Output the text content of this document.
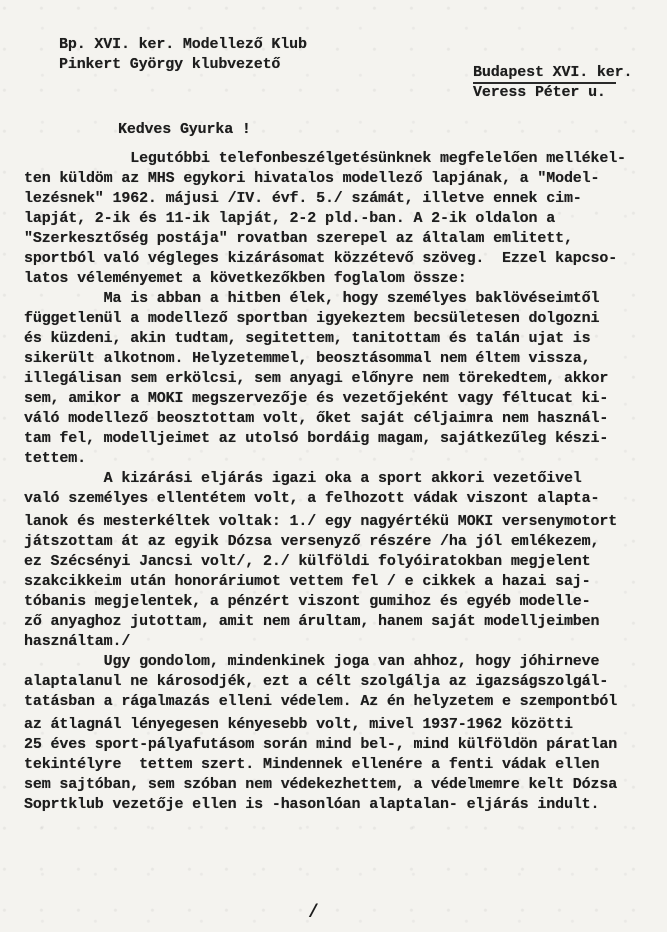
Bp. XVI. ker. Modellező Klub
Pinkert György klubvezető	Budapest XVI. ker.
Veress Péter u.
Kedves Gyurka !
Legutóbbi telefonbeszélgetésünknek megfelelően mellékel-
ten küldöm az MHS egykori hivatalos modellező lapjának, a "Model-
lezésnek" 1962. májusi /IV. évf. 5./ számát, illetve ennek cim-
lapját, 2-ik és 11-ik lapját, 2-2 pld.-ban. A 2-ik oldalon a
"Szerkesztőség postája" rovatban szerepel az általam emlitett,
sportból való végleges kizárásomat közzétevő szöveg.  Ezzel kapcso-
latos véleményemet a következőkben foglalom össze:
Ma is abban a hitben élek, hogy személyes baklövéseimtől
függetlenül a modellező sportban igyekeztem becsületesen dolgozni
és küzdeni, akin tudtam, segitettem, tanitottam és talán ujat is
sikerült alkotnom. Helyzetemmel, beosztásommal nem éltem vissza,
illegálisan sem erkölcsi, sem anyagi előnyre nem törekedtem, akkor
sem, amikor a MOKI megszervezője és vezetőjeként vagy féltucat ki-
váló modellező beosztottam volt, őket saját céljaimra nem használ-
tam fel, modelljeimet az utolsó bordáig magam, sajátkezűleg készi-
tettem.
A kizárási eljárás igazi oka a sport akkori vezetőivel
való személyes ellentétem volt, a felhozott vádak viszont alapta-
lanok és mesterkéltek voltak: 1./ egy nagyértékü MOKI versenymotort
játszottam át az egyik Dózsa versenyző részére /ha jól emlékezem,
ez Szécsényi Jancsi volt/, 2./ külföldi folyóiratokban megjelent
szakcikkeim után honoráriumot vettem fel / e cikkek a hazai saj-
tóbanis megjelentek, a pénzért viszont gumihoz és egyéb modelle-
ző anyaghoz jutottam, amit nem árultam, hanem saját modelljeimben
használtam./
Ugy gondolom, mindenkinek joga van ahhoz, hogy jóhirneve
alaptalanul ne károsodjék, ezt a célt szolgálja az igazságszolgál-
tatásban a rágalmazás elleni védelem. Az én helyzetem e szempontból
az átlagnál lényegesen kényesebb volt, mivel 1937-1962 közötti
25 éves sport-pályafutásom során mind bel-, mind külföldön páratlan
tekintélyre  tettem szert. Mindennek ellenére a fenti vádak ellen
sem sajtóban, sem szóban nem védekezhettem, a védelmemre kelt Dózsa
Soprtklub vezetője ellen is -hasonlóan alaptalan- eljárás indult.
/
